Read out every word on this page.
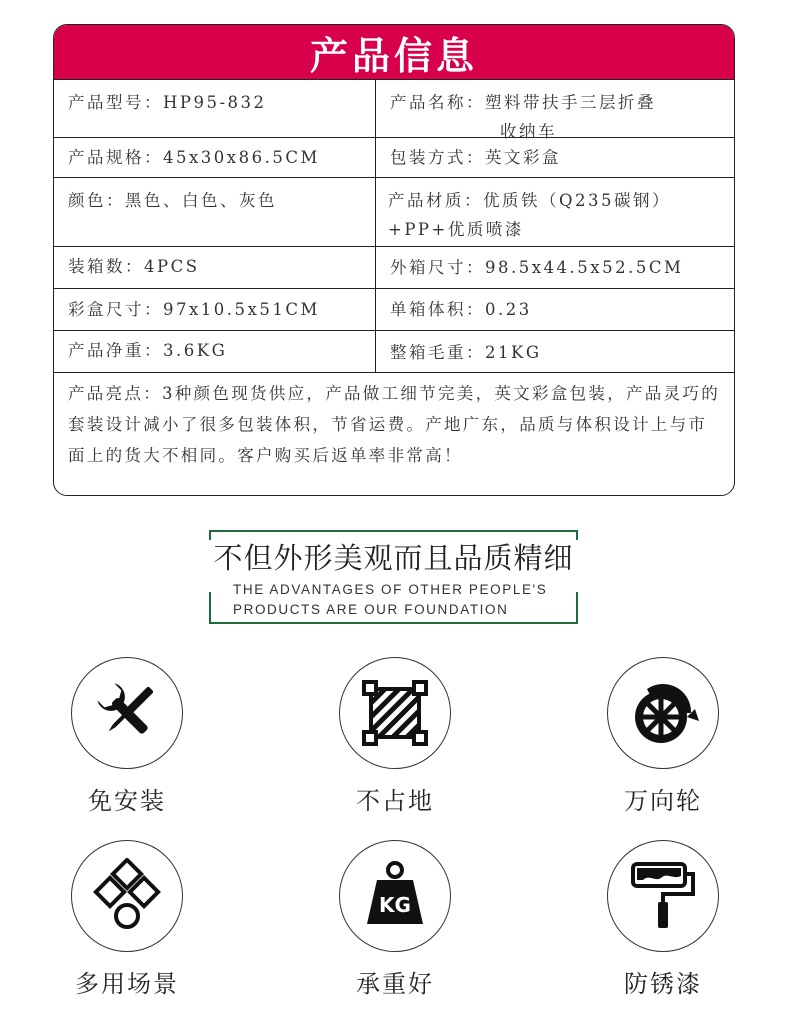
产品信息
产品型号：HP95-832	产品名称：塑料带扶手三层折叠
收纳车
产品规格：45x30x86.5CM	包装方式：英文彩盒
颜色：黑色、白色、灰色	产品材质：优质铁（Q235碳钢）
+PP+优质喷漆
装箱数：4PCS	外箱尺寸：98.5x44.5x52.5CM
彩盒尺寸：97x10.5x51CM	单箱体积：0.23
产品净重：3.6KG	整箱毛重：21KG
产品亮点：3种颜色现货供应，产品做工细节完美，英文彩盒包装，产品灵巧的套装设计减小了很多包装体积，节省运费。产地广东，品质与体积设计上与市面上的货大不相同。客户购买后返单率非常高！
不但外形美观而且品质精细
THE ADVANTAGES OF OTHER PEOPLE'S
PRODUCTS ARE OUR FOUNDATION
免安装	不占地	万向轮
多用场景
KG
承重好	防锈漆
